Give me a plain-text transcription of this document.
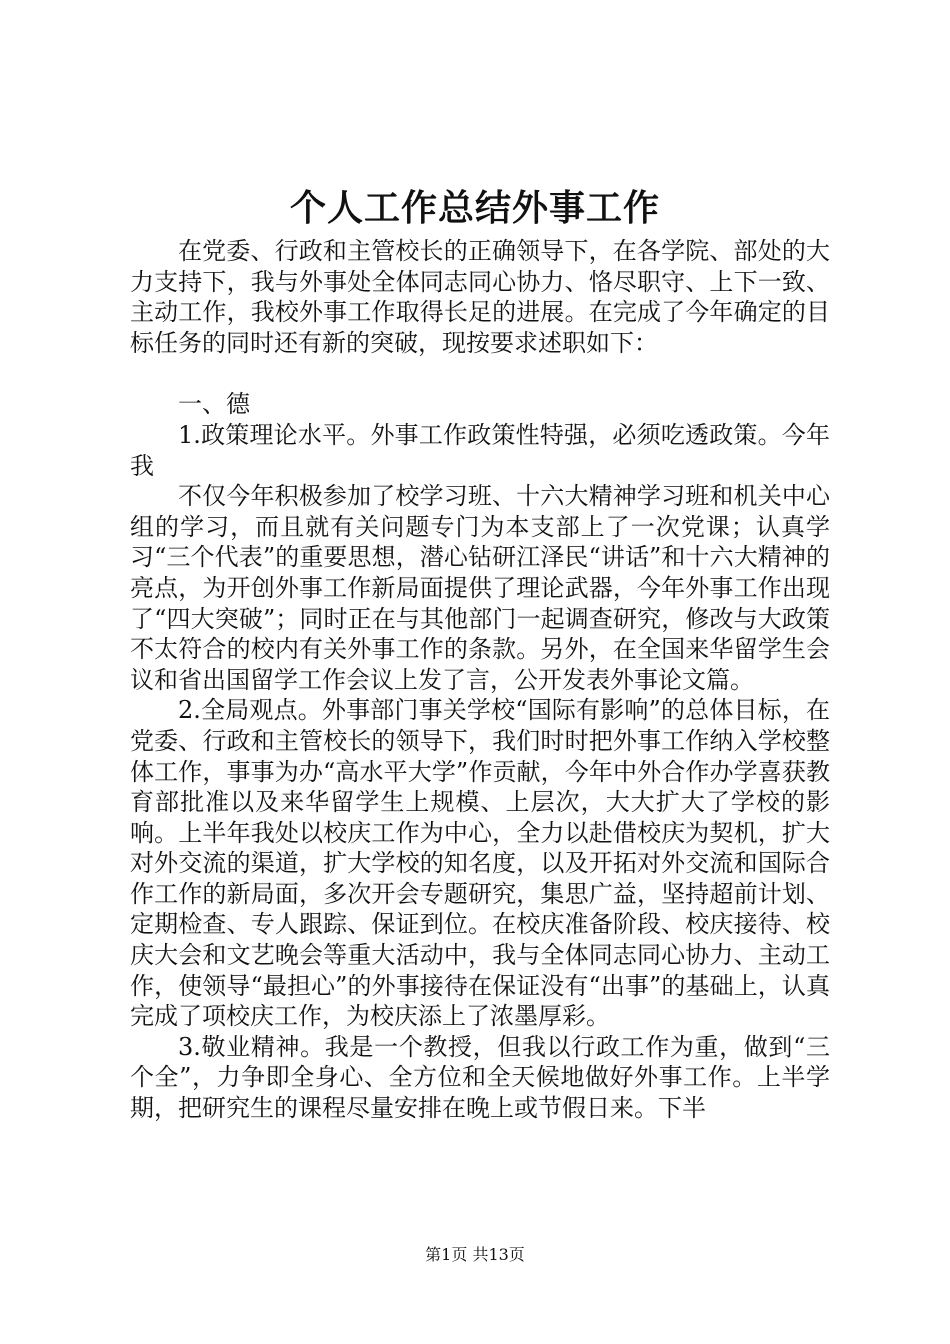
个人工作总结外事工作

在党委、行政和主管校长的正确领导下，在各学院、部处的大力支持下，我与外事处全体同志同心协力、恪尽职守、上下一致、主动工作，我校外事工作取得长足的进展。在完成了今年确定的目标任务的同时还有新的突破，现按要求述职如下：

一、德

1.政策理论水平。外事工作政策性特强，必须吃透政策。今年我

不仅今年积极参加了校学习班、十六大精神学习班和机关中心组的学习，而且就有关问题专门为本支部上了一次党课；认真学习“三个代表”的重要思想，潜心钻研江泽民“讲话”和十六大精神的亮点，为开创外事工作新局面提供了理论武器，今年外事工作出现了“四大突破”；同时正在与其他部门一起调查研究，修改与大政策不太符合的校内有关外事工作的条款。另外，在全国来华留学生会议和省出国留学工作会议上发了言，公开发表外事论文篇。

2.全局观点。外事部门事关学校“国际有影响”的总体目标，在党委、行政和主管校长的领导下，我们时时把外事工作纳入学校整体工作，事事为办“高水平大学”作贡献，今年中外合作办学喜获教育部批准以及来华留学生上规模、上层次，大大扩大了学校的影响。上半年我处以校庆工作为中心，全力以赴借校庆为契机，扩大对外交流的渠道，扩大学校的知名度，以及开拓对外交流和国际合作工作的新局面，多次开会专题研究，集思广益，坚持超前计划、定期检查、专人跟踪、保证到位。在校庆准备阶段、校庆接待、校庆大会和文艺晚会等重大活动中，我与全体同志同心协力、主动工作，使领导“最担心”的外事接待在保证没有“出事”的基础上，认真完成了项校庆工作，为校庆添上了浓墨厚彩。

3.敬业精神。我是一个教授，但我以行政工作为重，做到“三个全”，力争即全身心、全方位和全天候地做好外事工作。上半学期，把研究生的课程尽量安排在晚上或节假日来。下半

第1页 共13页
